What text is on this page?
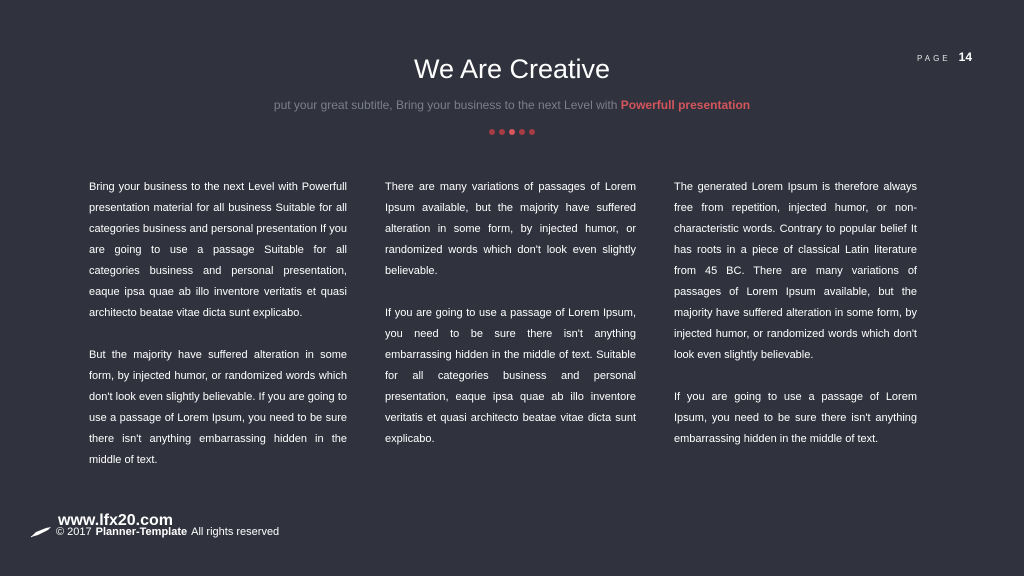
PAGE 14
We Are Creative
put your great subtitle, Bring your business to the next Level with Powerfull presentation

Bring your business to the next Level with Powerfull presentation material for all business Suitable for all categories business and personal presentation If you are going to use a passage Suitable for all categories business and personal presentation, eaque ipsa quae ab illo inventore veritatis et quasi architecto beatae vitae dicta sunt explicabo.

But the majority have suffered alteration in some form, by injected humor, or randomized words which don't look even slightly believable. If you are going to use a passage of Lorem Ipsum, you need to be sure there isn't anything embarrassing hidden in the middle of text.

There are many variations of passages of Lorem Ipsum available, but the majority have suffered alteration in some form, by injected humor, or randomized words which don't look even slightly believable.

If you are going to use a passage of Lorem Ipsum, you need to be sure there isn't anything embarrassing hidden in the middle of text. Suitable for all categories business and personal presentation, eaque ipsa quae ab illo inventore veritatis et quasi architecto beatae vitae dicta sunt explicabo.

The generated Lorem Ipsum is therefore always free from repetition, injected humor, or non-characteristic words. Contrary to popular belief It has roots in a piece of classical Latin literature from 45 BC. There are many variations of passages of Lorem Ipsum available, but the majority have suffered alteration in some form, by injected humor, or randomized words which don't look even slightly believable.

If you are going to use a passage of Lorem Ipsum, you need to be sure there isn't anything embarrassing hidden in the middle of text.

www.lfx20.com
© 2017 Planner-Template All rights reserved
